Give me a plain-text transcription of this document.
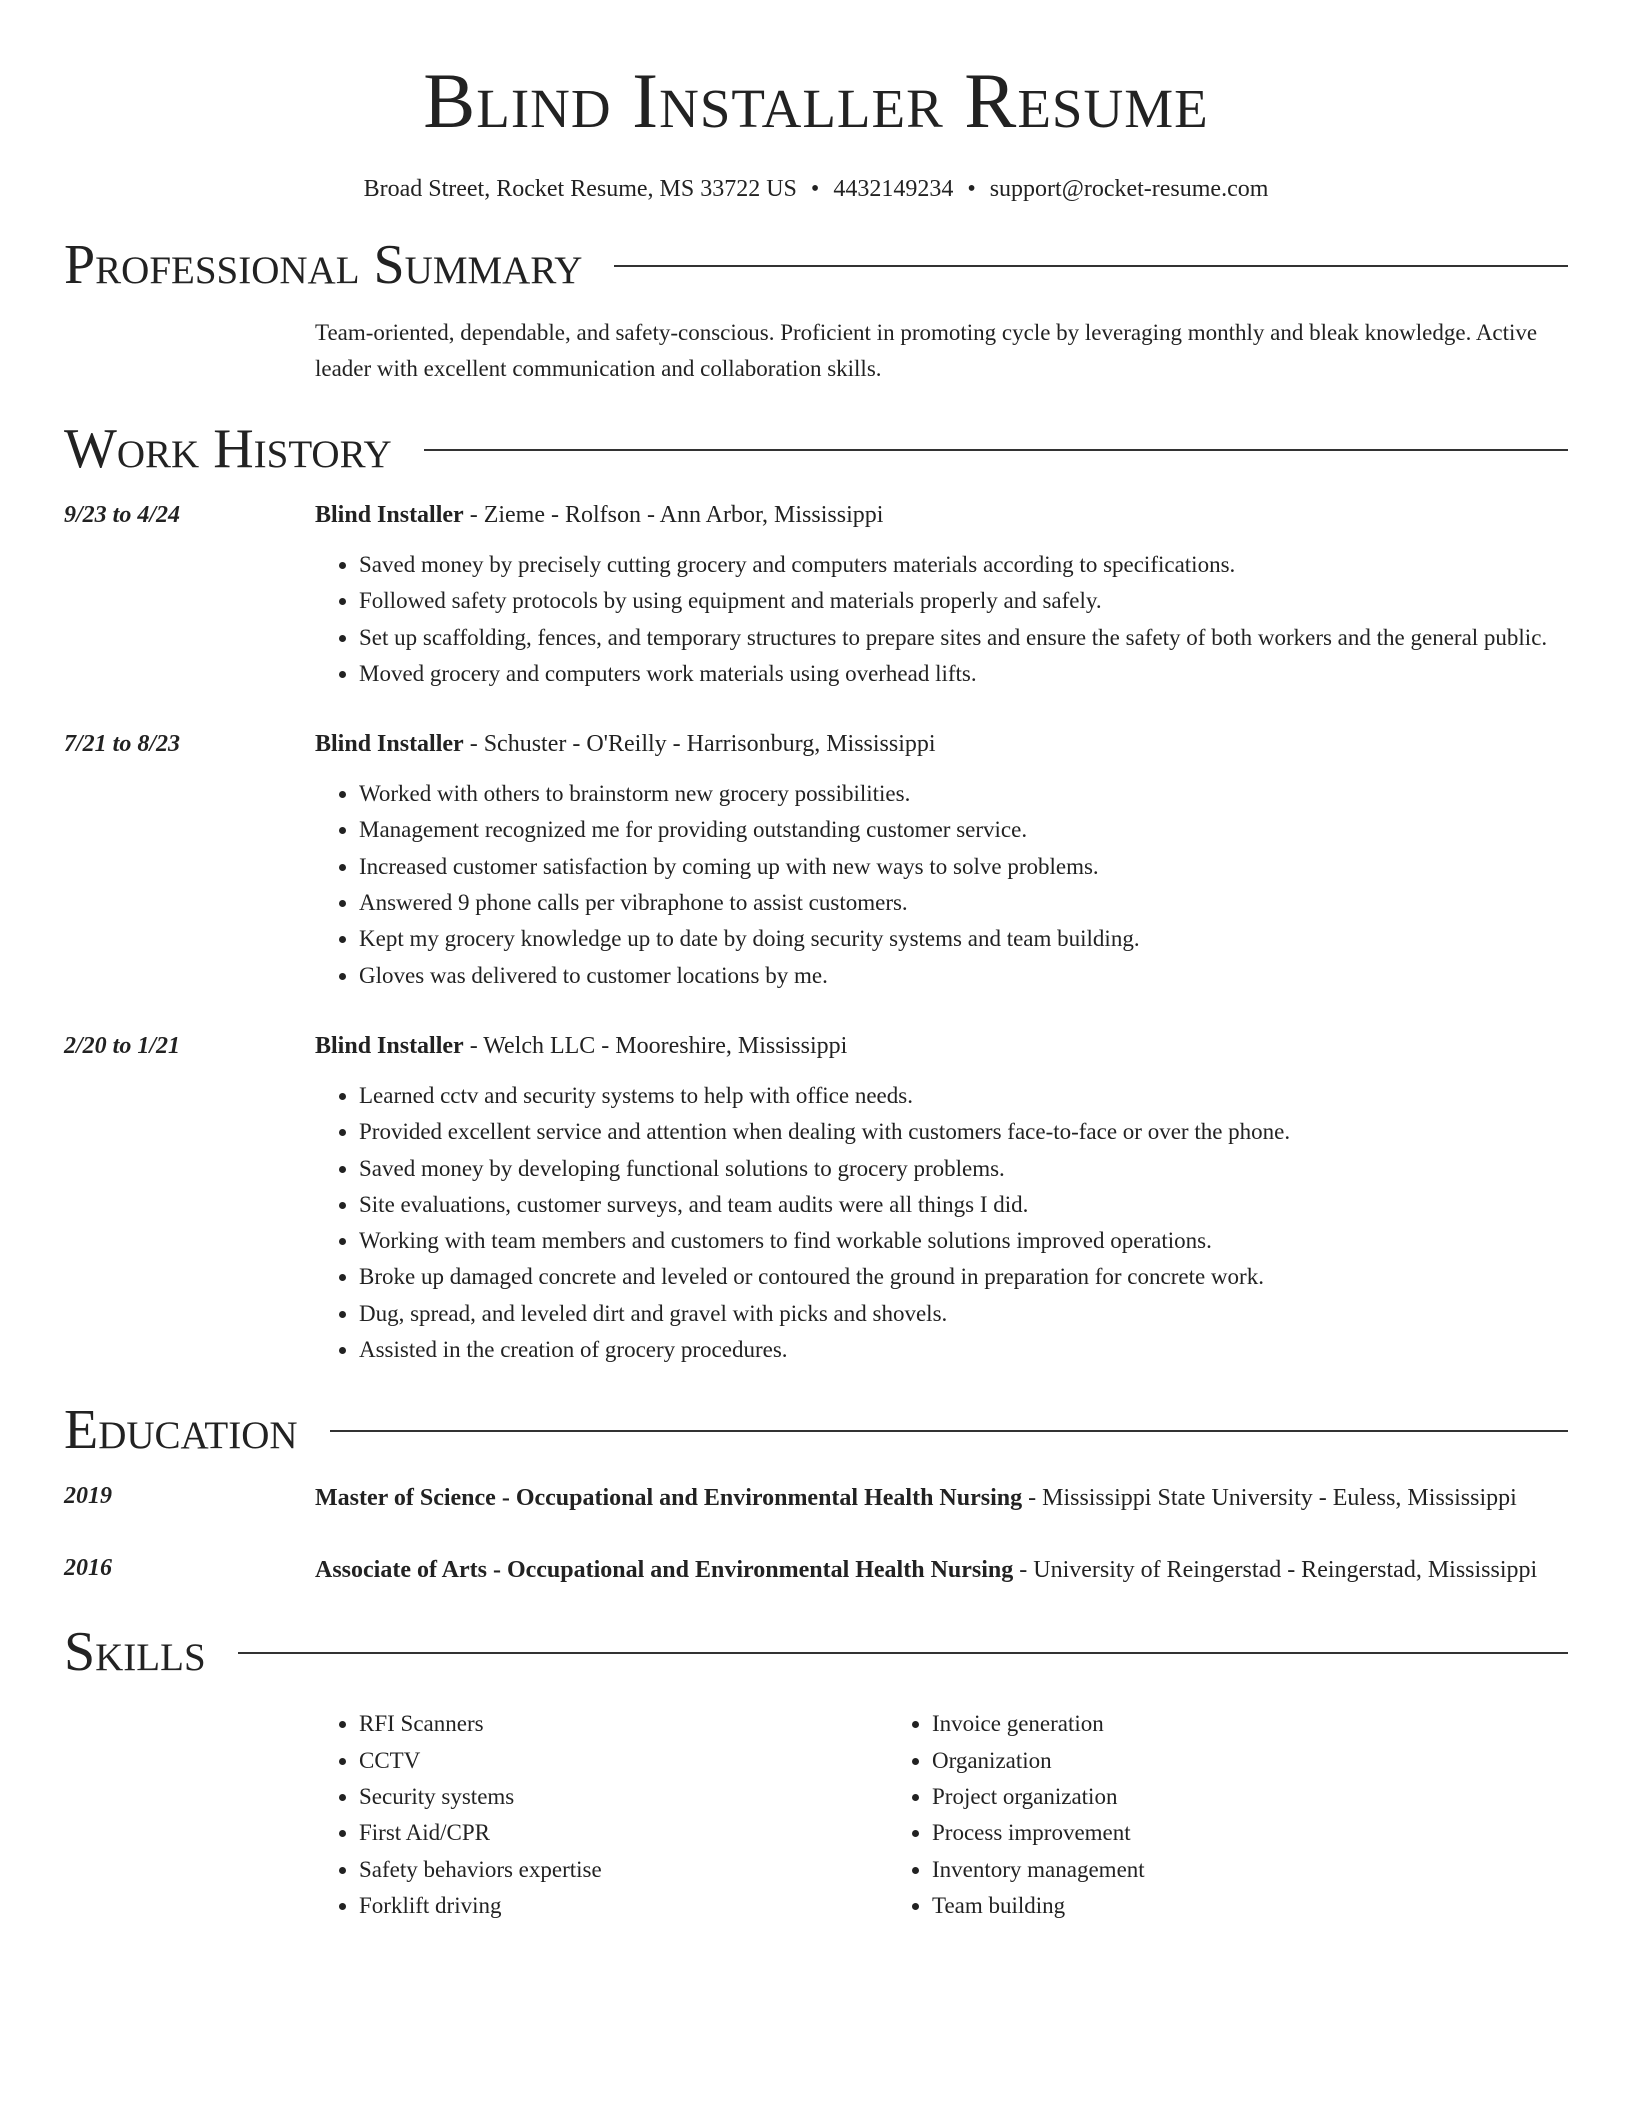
Blind Installer Resume
Broad Street, Rocket Resume, MS 33722 US • 4432149234 • support@rocket-resume.com
Professional Summary
Team-oriented, dependable, and safety-conscious. Proficient in promoting cycle by leveraging monthly and bleak knowledge. Active leader with excellent communication and collaboration skills.
Work History
9/23 to 4/24	Blind Installer - Zieme - Rolfson - Ann Arbor, Mississippi
• Saved money by precisely cutting grocery and computers materials according to specifications.
• Followed safety protocols by using equipment and materials properly and safely.
• Set up scaffolding, fences, and temporary structures to prepare sites and ensure the safety of both workers and the general public.
• Moved grocery and computers work materials using overhead lifts.
7/21 to 8/23	Blind Installer - Schuster - O'Reilly - Harrisonburg, Mississippi
• Worked with others to brainstorm new grocery possibilities.
• Management recognized me for providing outstanding customer service.
• Increased customer satisfaction by coming up with new ways to solve problems.
• Answered 9 phone calls per vibraphone to assist customers.
• Kept my grocery knowledge up to date by doing security systems and team building.
• Gloves was delivered to customer locations by me.
2/20 to 1/21	Blind Installer - Welch LLC - Mooreshire, Mississippi
• Learned cctv and security systems to help with office needs.
• Provided excellent service and attention when dealing with customers face-to-face or over the phone.
• Saved money by developing functional solutions to grocery problems.
• Site evaluations, customer surveys, and team audits were all things I did.
• Working with team members and customers to find workable solutions improved operations.
• Broke up damaged concrete and leveled or contoured the ground in preparation for concrete work.
• Dug, spread, and leveled dirt and gravel with picks and shovels.
• Assisted in the creation of grocery procedures.
Education
2019	Master of Science - Occupational and Environmental Health Nursing - Mississippi State University - Euless, Mississippi
2016	Associate of Arts - Occupational and Environmental Health Nursing - University of Reingerstad - Reingerstad, Mississippi
Skills
• RFI Scanners
• CCTV
• Security systems
• First Aid/CPR
• Safety behaviors expertise
• Forklift driving
• Invoice generation
• Organization
• Project organization
• Process improvement
• Inventory management
• Team building
